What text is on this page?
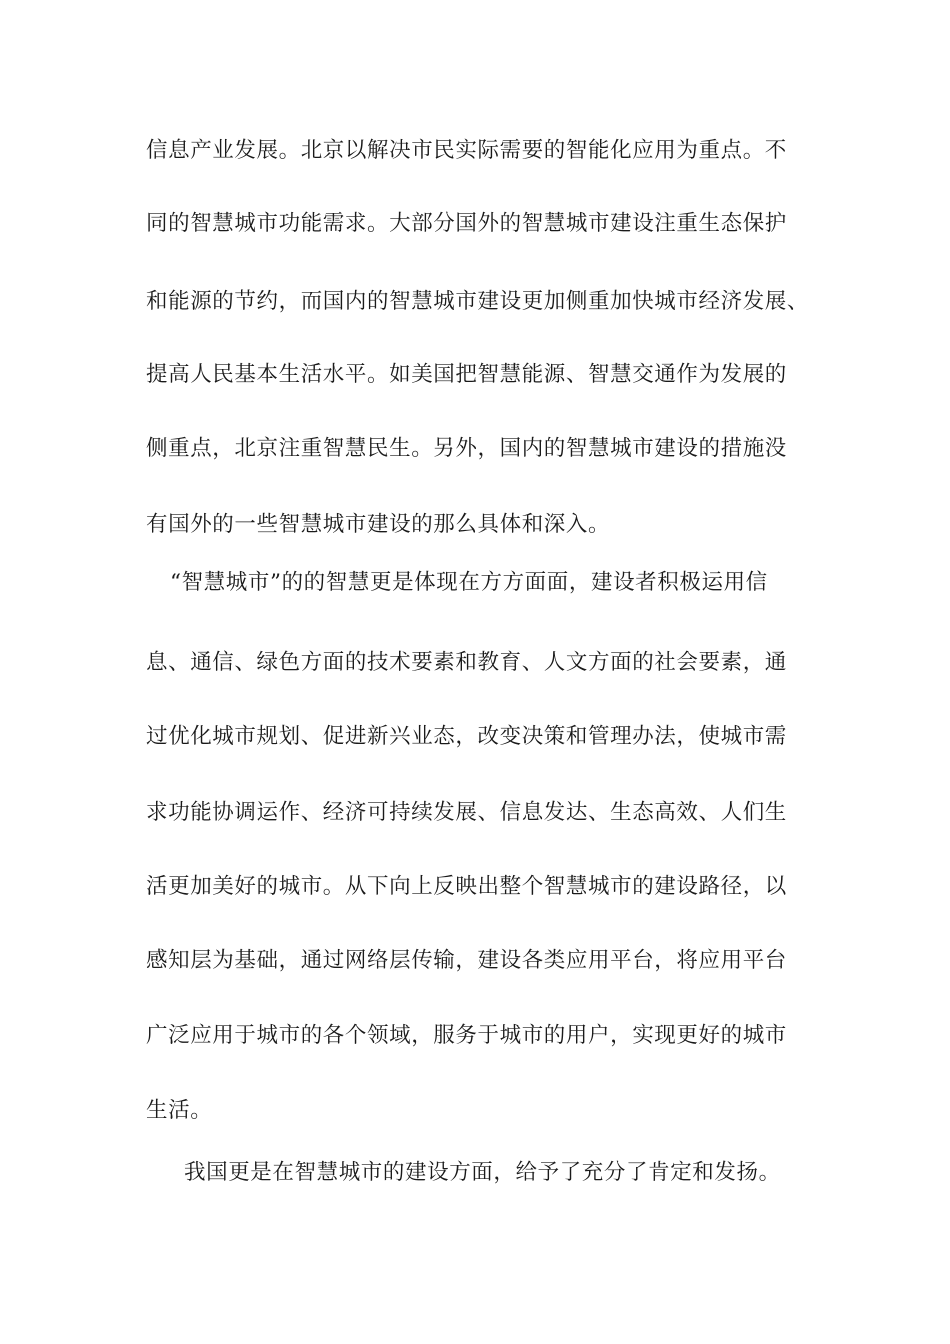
信息产业发展。北京以解决市民实际需要的智能化应用为重点。不
同的智慧城市功能需求。大部分国外的智慧城市建设注重生态保护
和能源的节约，而国内的智慧城市建设更加侧重加快城市经济发展、
提高人民基本生活水平。如美国把智慧能源、智慧交通作为发展的
侧重点，北京注重智慧民生。另外，国内的智慧城市建设的措施没
有国外的一些智慧城市建设的那么具体和深入。
“智慧城市”的的智慧更是体现在方方面面，建设者积极运用信
息、通信、绿色方面的技术要素和教育、人文方面的社会要素，通
过优化城市规划、促进新兴业态，改变决策和管理办法，使城市需
求功能协调运作、经济可持续发展、信息发达、生态高效、人们生
活更加美好的城市。从下向上反映出整个智慧城市的建设路径，以
感知层为基础，通过网络层传输，建设各类应用平台，将应用平台
广泛应用于城市的各个领域，服务于城市的用户，实现更好的城市
生活。
我国更是在智慧城市的建设方面，给予了充分了肯定和发扬。
